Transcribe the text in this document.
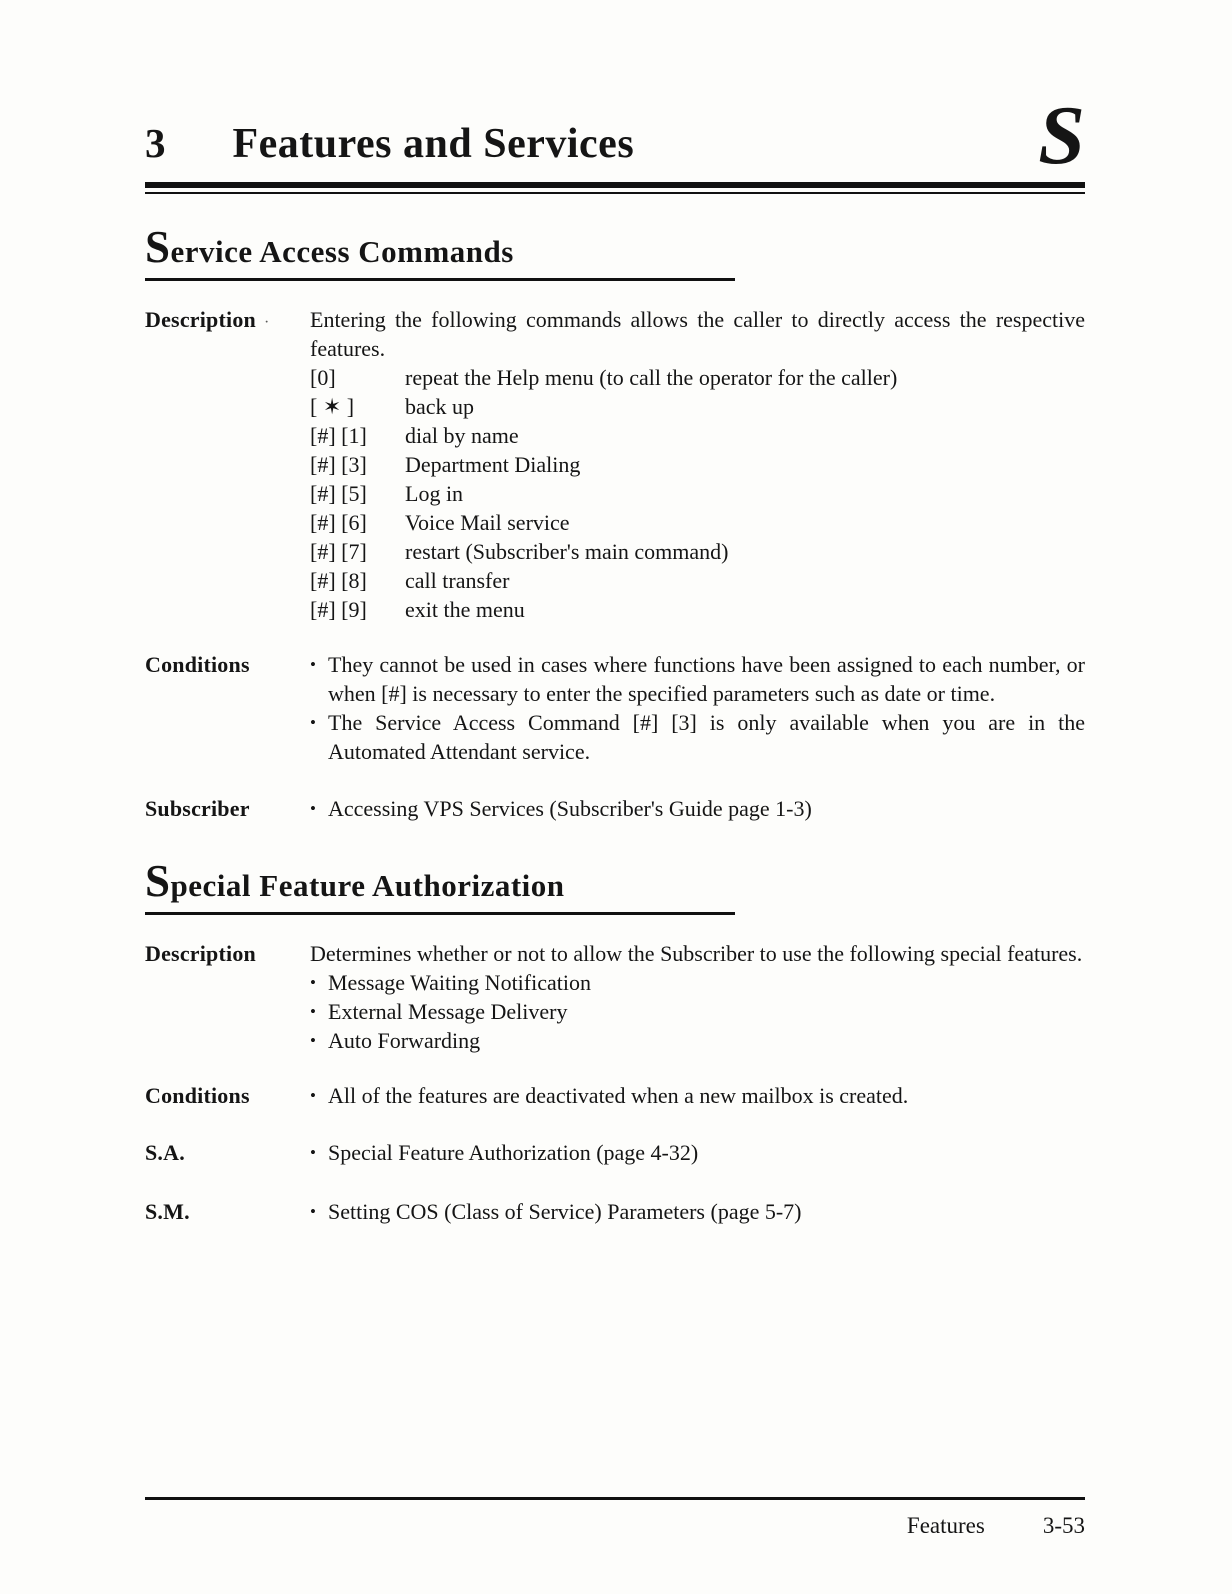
3 Features and Services	S
Service Access Commands
Description ·	Entering the following commands allows the caller to directly access the respective features.
[0]	repeat the Help menu (to call the operator for the caller)
[ ✶ ]	back up
[#] [1]	dial by name
[#] [3]	Department Dialing
[#] [5]	Log in
[#] [6]	Voice Mail service
[#] [7]	restart (Subscriber's main command)
[#] [8]	call transfer
[#] [9]	exit the menu
Conditions	• They cannot be used in cases where functions have been assigned to each number, or when [#] is necessary to enter the specified parameters such as date or time.
• The Service Access Command [#] [3] is only available when you are in the Automated Attendant service.
Subscriber	• Accessing VPS Services (Subscriber's Guide page 1-3)
Special Feature Authorization
Description	Determines whether or not to allow the Subscriber to use the following special features.
• Message Waiting Notification
• External Message Delivery
• Auto Forwarding
Conditions	• All of the features are deactivated when a new mailbox is created.
S.A.	• Special Feature Authorization (page 4-32)
S.M.	• Setting COS (Class of Service) Parameters (page 5-7)
Features	3-53
